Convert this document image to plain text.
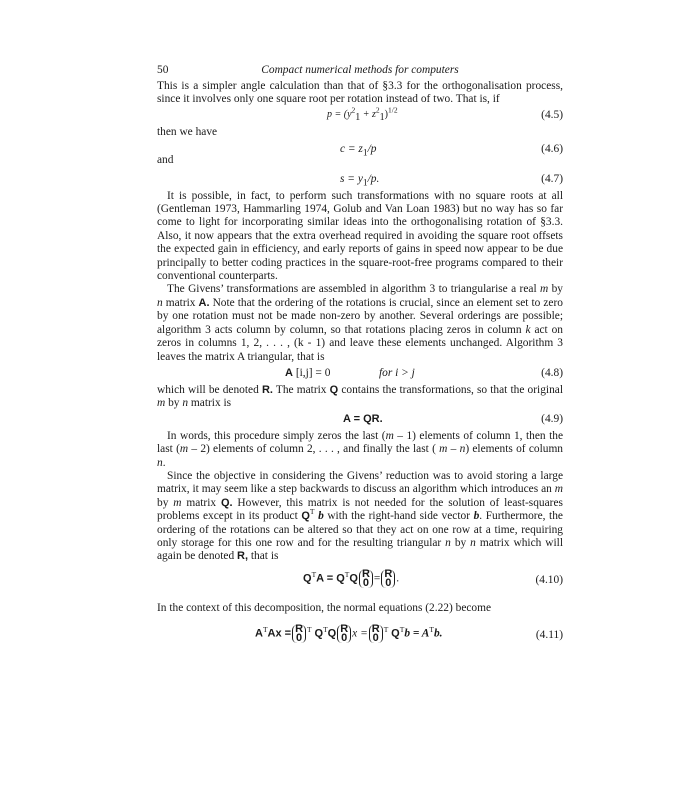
50	Compact numerical methods for computers

This is a simpler angle calculation than that of §3.3 for the orthogonalisation process, since it involves only one square root per rotation instead of two. That is, if

$p = (y^2_1 + z^2_1)^{1/2}$	(4.5)

then we have

$c = z_1/p$	(4.6)

and

$s = y_1/p$.	(4.7)

It is possible, in fact, to perform such transformations with no square roots at all (Gentleman 1973, Hammarling 1974, Golub and Van Loan 1983) but no way has so far come to light for incorporating similar ideas into the orthogonalising rotation of §3.3. Also, it now appears that the extra overhead required in avoiding the square root offsets the expected gain in efficiency, and early reports of gains in speed now appear to be due principally to better coding practices in the square-root-free programs compared to their conventional counterparts.

The Givens’ transformations are assembled in algorithm 3 to triangularise a real m by n matrix A. Note that the ordering of the rotations is crucial, since an element set to zero by one rotation must not be made non-zero by another. Several orderings are possible; algorithm 3 acts column by column, so that rotations placing zeros in column k act on zeros in columns 1, 2, . . . , (k - 1) and leave these elements unchanged. Algorithm 3 leaves the matrix A triangular, that is

A [i,j] = 0	for i > j	(4.8)

which will be denoted R. The matrix Q contains the transformations, so that the original m by n matrix is

A = QR.	(4.9)

In words, this procedure simply zeros the last (m – 1) elements of column 1, then the last (m – 2) elements of column 2, . . . , and finally the last ( m – n) elements of column n.

Since the objective in considering the Givens’ reduction was to avoid storing a large matrix, it may seem like a step backwards to discuss an algorithm which introduces an m by m matrix Q. However, this matrix is not needed for the solution of least-squares problems except in its product $Q^T$ b with the right-hand side vector b. Furthermore, the ordering of the rotations can be altered so that they act on one row at a time, requiring only storage for this one row and for the resulting triangular n by n matrix which will again be denoted R, that is

$Q^TA = Q^TQ$ R
0 = R
0 .	(4.10)

In the context of this decomposition, the normal equations (2.22) become

$A^TAx = R$
0
$^T$ $Q^TQ$ R
0 x = R
0
$^T$ $Q^Tb = A^Tb$.	(4.11)
